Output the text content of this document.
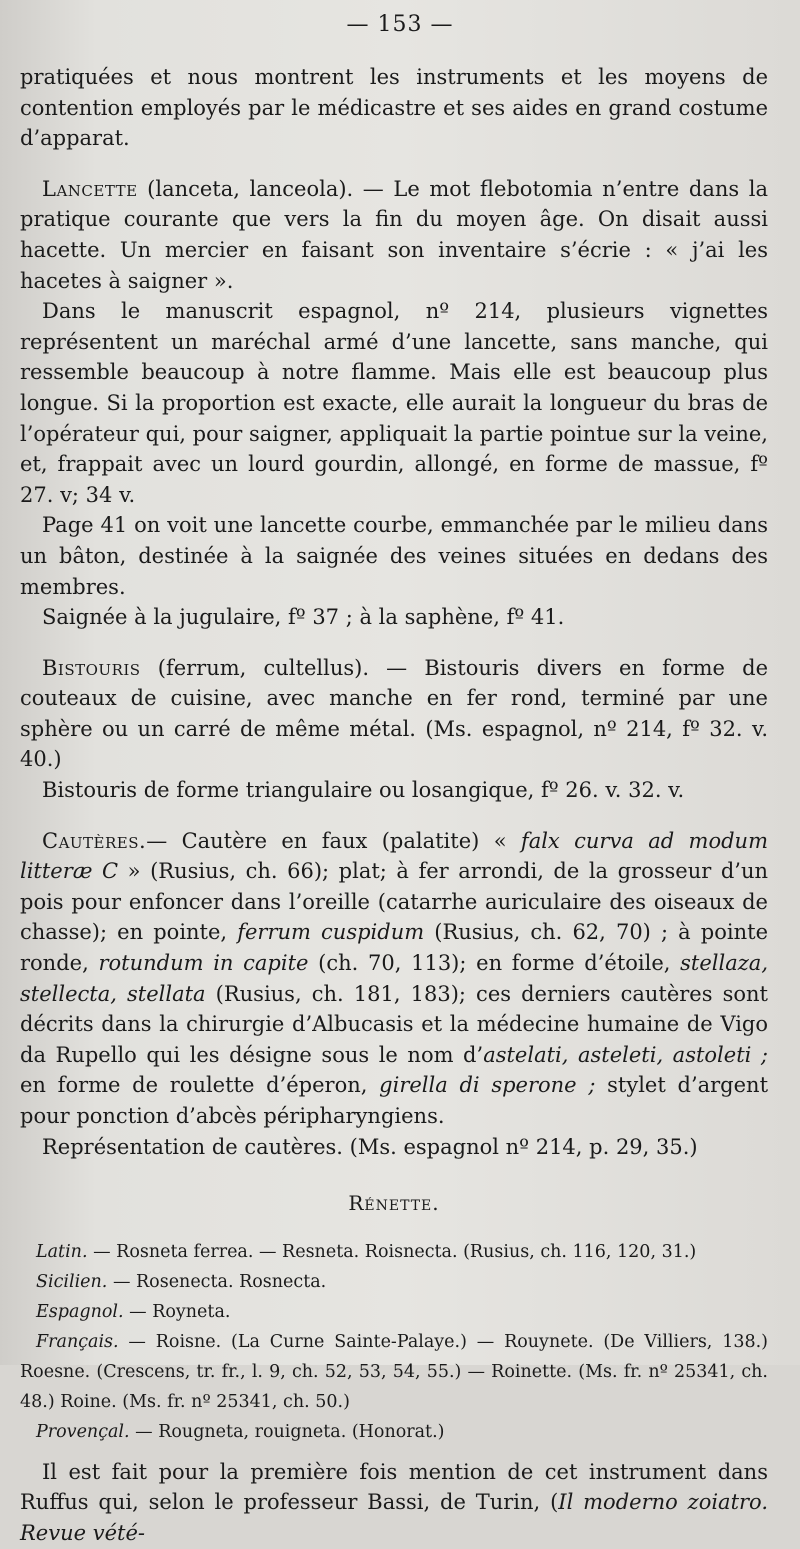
— 153 —

pratiquées et nous montrent les instruments et les moyens de contention employés par le médicastre et ses aides en grand costume d’apparat.

Lancette (lanceta, lanceola). — Le mot flebotomia n’entre dans la pratique courante que vers la fin du moyen âge. On disait aussi hacette. Un mercier en faisant son inventaire s’écrie : « j’ai les hacetes à saigner ».

Dans le manuscrit espagnol, nº 214, plusieurs vignettes représentent un maréchal armé d’une lancette, sans manche, qui ressemble beaucoup à notre flamme. Mais elle est beaucoup plus longue. Si la proportion est exacte, elle aurait la longueur du bras de l’opérateur qui, pour saigner, appliquait la partie pointue sur la veine, et, frappait avec un lourd gourdin, allongé, en forme de massue, fº 27. v; 34 v.

Page 41 on voit une lancette courbe, emmanchée par le milieu dans un bâton, destinée à la saignée des veines situées en dedans des membres.

Saignée à la jugulaire, fº 37 ; à la saphène, fº 41.

Bistouris (ferrum, cultellus). — Bistouris divers en forme de couteaux de cuisine, avec manche en fer rond, terminé par une sphère ou un carré de même métal. (Ms. espagnol, nº 214, fº 32. v. 40.)

Bistouris de forme triangulaire ou losangique, fº 26. v. 32. v.

Cautères.— Cautère en faux (palatite) « falx curva ad modum litteræ C » (Rusius, ch. 66); plat; à fer arrondi, de la grosseur d’un pois pour enfoncer dans l’oreille (catarrhe auriculaire des oiseaux de chasse); en pointe, ferrum cuspidum (Rusius, ch. 62, 70) ; à pointe ronde, rotundum in capite (ch. 70, 113); en forme d’étoile, stellaza, stellecta, stellata (Rusius, ch. 181, 183); ces derniers cautères sont décrits dans la chirurgie d’Albucasis et la médecine humaine de Vigo da Rupello qui les désigne sous le nom d’astelati, asteleti, astoleti ; en forme de roulette d’éperon, girella di sperone ; stylet d’argent pour ponction d’abcès péripharyngiens.

Représentation de cautères. (Ms. espagnol nº 214, p. 29, 35.)

Rénette.

Latin. — Rosneta ferrea. — Resneta. Roisnecta. (Rusius, ch. 116, 120, 31.)

Sicilien. — Rosenecta. Rosnecta.

Espagnol. — Royneta.

Français. — Roisne. (La Curne Sainte-Palaye.) — Rouynete. (De Villiers, 138.) Roesne. (Crescens, tr. fr., l. 9, ch. 52, 53, 54, 55.) — Roinette. (Ms. fr. nº 25341, ch. 48.) Roine. (Ms. fr. nº 25341, ch. 50.)

Provençal. — Rougneta, rouigneta. (Honorat.)

Il est fait pour la première fois mention de cet instrument dans Ruffus qui, selon le professeur Bassi, de Turin, (Il moderno zoiatro. Revue vété-
